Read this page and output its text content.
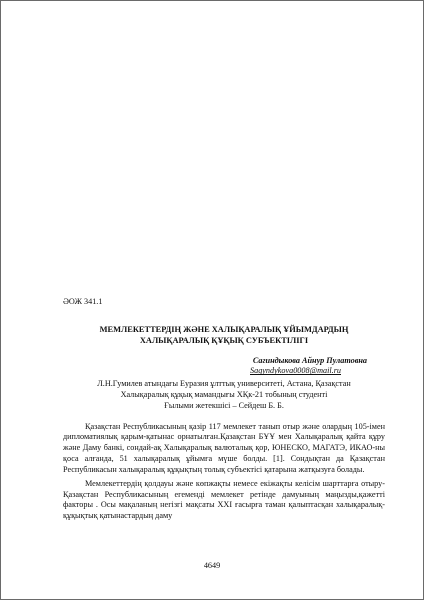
ӘОЖ 341.1

МЕМЛЕКЕТТЕРДІҢ ЖӘНЕ ХАЛЫҚАРАЛЫҚ ҰЙЫМДАРДЫҢ
ХАЛЫҚАРАЛЫҚ ҚҰҚЫҚ СУБЪЕКТІЛІГІ

Сагиндыкова Айнур Пулатовна

Sagyndykova0008@mail.ru

Л.Н.Гумилев атындағы Еуразия ұлттық университеті, Астана, Қазақстан
Халықаралық құқық мамандығы ХҚк-21 тобының студенті
Ғылыми жетекшісі – Сейдеш Б. Б.

Қазақстан Республикасының қазір 117 мемлекет танып отыр және олардың 105-імен дипломатиялық қарым-қатынас орнатылған.Қазақстан БҰҰ мен Халықаралық қайта құру және Даму банкі, сондай-ақ Халықаралық валюталық қор, ЮНЕСКО, МАГАТЭ, ИКАО-ны қоса алғанда, 51 халықаралық ұйымға мүше болды. [1]. Сондықтан да Қазақстан Республикасын халықаралық құқықтың толық субъектісі қатарына жатқызуға болады.

Мемлекеттердің қолдауы және көпжақты немесе екіжақты келісім шарттарға отыру-Қазақстан Республикасының егемендi мемлекет ретiнде дамуының маңызды,қажетті факторы . Осы мақаланың негізгі мақсаты XXI ғасырға таман қалыптасқан халықаралық-құқықтық қатынастардың даму

4649
